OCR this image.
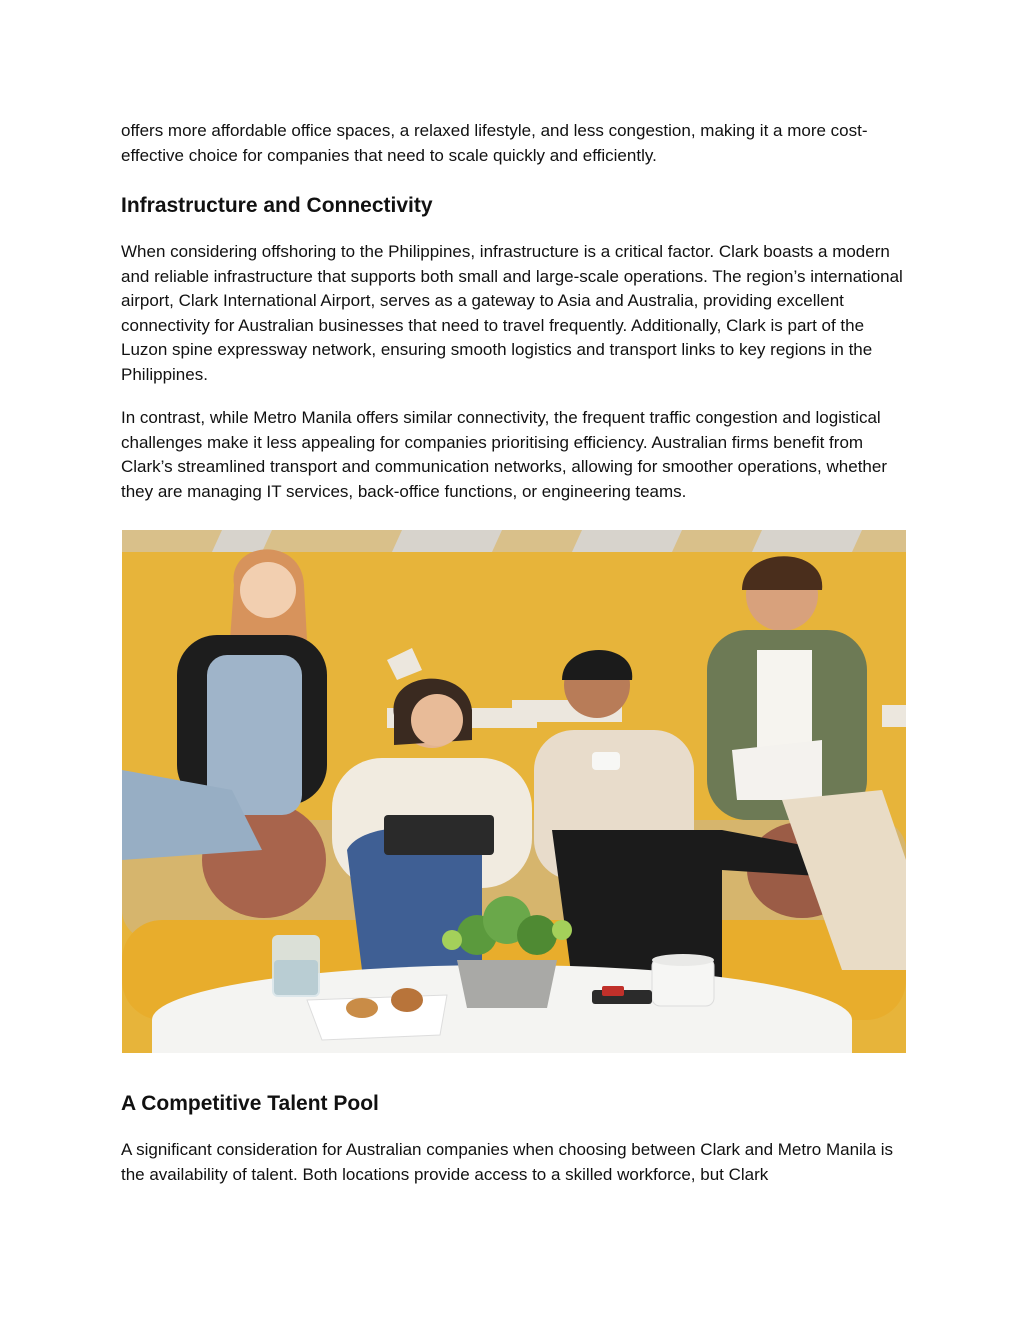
offers more affordable office spaces, a relaxed lifestyle, and less congestion, making it a more cost-effective choice for companies that need to scale quickly and efficiently.

Infrastructure and Connectivity

When considering offshoring to the Philippines, infrastructure is a critical factor. Clark boasts a modern and reliable infrastructure that supports both small and large-scale operations. The region’s international airport, Clark International Airport, serves as a gateway to Asia and Australia, providing excellent connectivity for Australian businesses that need to travel frequently. Additionally, Clark is part of the Luzon spine expressway network, ensuring smooth logistics and transport links to key regions in the Philippines.

In contrast, while Metro Manila offers similar connectivity, the frequent traffic congestion and logistical challenges make it less appealing for companies prioritising efficiency. Australian firms benefit from Clark’s streamlined transport and communication networks, allowing for smoother operations, whether they are managing IT services, back-office functions, or engineering teams.

A Competitive Talent Pool

A significant consideration for Australian companies when choosing between Clark and Metro Manila is the availability of talent. Both locations provide access to a skilled workforce, but Clark
